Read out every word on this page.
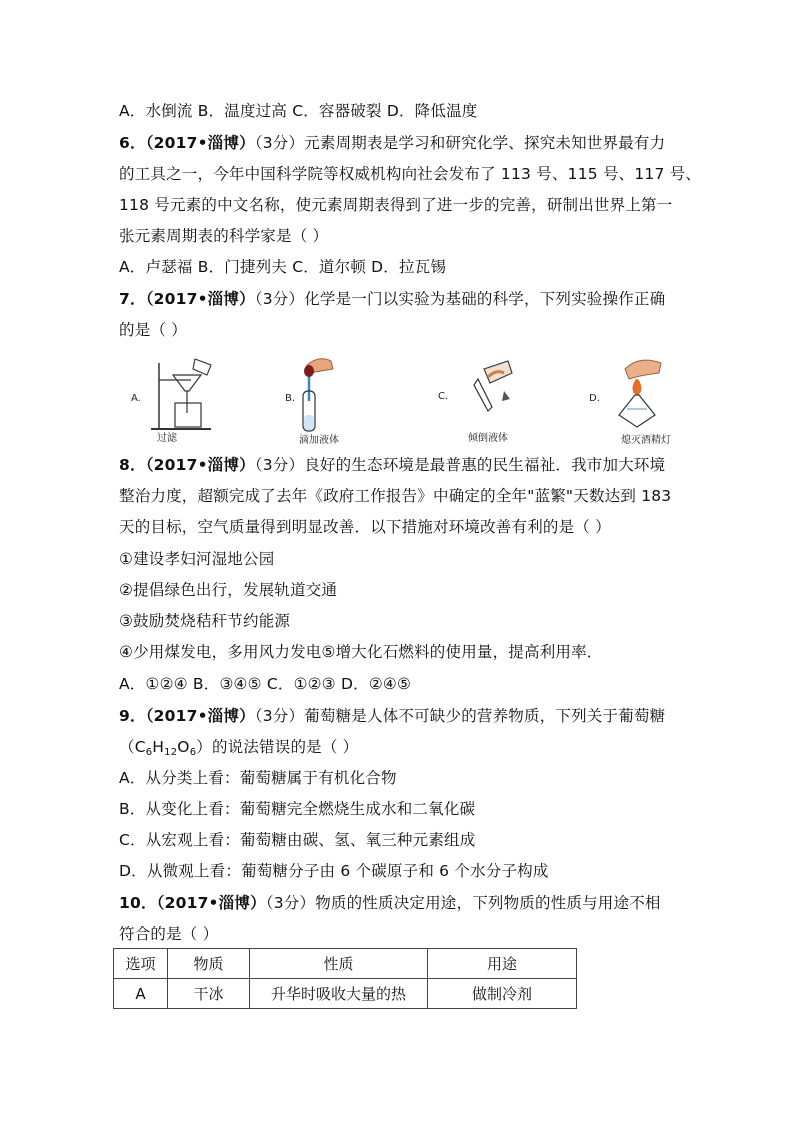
A．水倒流 B．温度过高 C．容器破裂 D．降低温度
6．（2017•淄博）（3分）元素周期表是学习和研究化学、探究未知世界最有力
的工具之一，今年中国科学院等权威机构向社会发布了 113 号、115 号、117 号、
118 号元素的中文名称，使元素周期表得到了进一步的完善，研制出世界上第一
张元素周期表的科学家是（ ）
A．卢瑟福 B．门捷列夫 C．道尔顿 D．拉瓦锡
7．（2017•淄博）（3分）化学是一门以实验为基础的科学，下列实验操作正确
的是（ ）
A.
过滤
B.
滴加液体
C.
倾倒液体
D.
熄灭酒精灯
8．（2017•淄博）（3分）良好的生态环境是最普惠的民生福祉．我市加大环境
整治力度，超额完成了去年《政府工作报告》中确定的全年"蓝繁"天数达到 183
天的目标，空气质量得到明显改善．以下措施对环境改善有利的是（ ）
①建设孝妇河湿地公园
②提倡绿色出行，发展轨道交通
③鼓励焚烧秸秆节约能源
④少用煤发电，多用风力发电⑤增大化石燃料的使用量，提高利用率．
A．①②④ B．③④⑤ C．①②③ D．②④⑤
9．（2017•淄博）（3分）葡萄糖是人体不可缺少的营养物质，下列关于葡萄糖
$(C_6H_{12}O_6)$的说法错误的是（ ）
A．从分类上看：葡萄糖属于有机化合物
B．从变化上看：葡萄糖完全燃烧生成水和二氧化碳
C．从宏观上看：葡萄糖由碳、氢、氧三种元素组成
D．从微观上看：葡萄糖分子由 6 个碳原子和 6 个水分子构成
10．（2017•淄博）（3分）物质的性质决定用途，下列物质的性质与用途不相
符合的是（ ）
选项	物质	性质	用途
A	干冰	升华时吸收大量的热	做制冷剂
